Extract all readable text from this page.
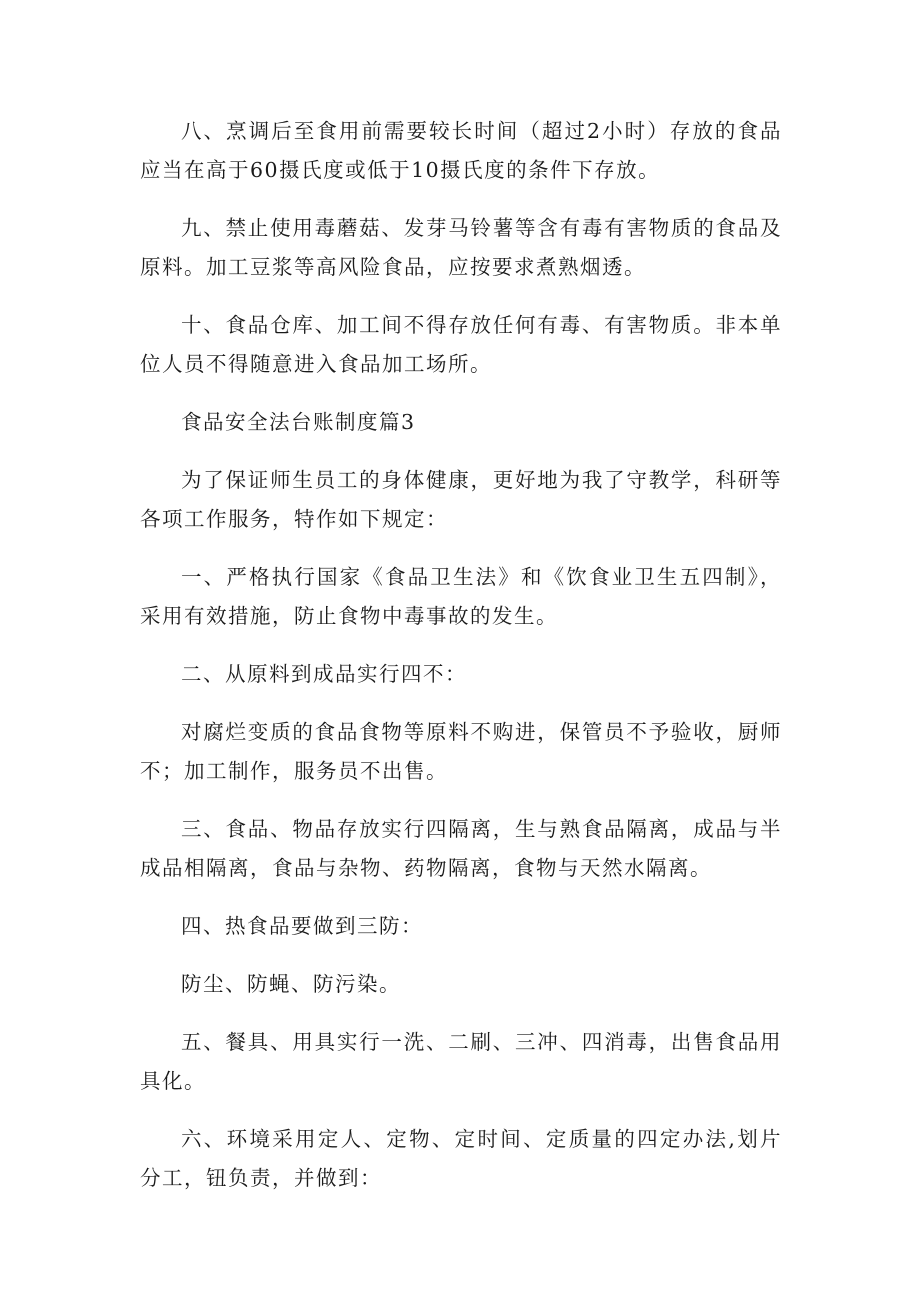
八、烹调后至食用前需要较长时间（超过2小时）存放的食品应当在高于60摄氏度或低于10摄氏度的条件下存放。

九、禁止使用毒蘑菇、发芽马铃薯等含有毒有害物质的食品及原料。加工豆浆等高风险食品，应按要求煮熟烟透。

十、食品仓库、加工间不得存放任何有毒、有害物质。非本单位人员不得随意进入食品加工场所。

食品安全法台账制度篇3

为了保证师生员工的身体健康，更好地为我了守教学，科研等各项工作服务，特作如下规定：

一、严格执行国家《食品卫生法》和《饮食业卫生五四制》，采用有效措施，防止食物中毒事故的发生。

二、从原料到成品实行四不：

对腐烂变质的食品食物等原料不购进，保管员不予验收，厨师不；加工制作，服务员不出售。

三、食品、物品存放实行四隔离，生与熟食品隔离，成品与半成品相隔离，食品与杂物、药物隔离，食物与天然水隔离。

四、热食品要做到三防：

防尘、防蝇、防污染。

五、餐具、用具实行一洗、二刷、三冲、四消毒，出售食品用具化。

六、环境采用定人、定物、定时间、定质量的四定办法,划片分工，钮负责，并做到：
